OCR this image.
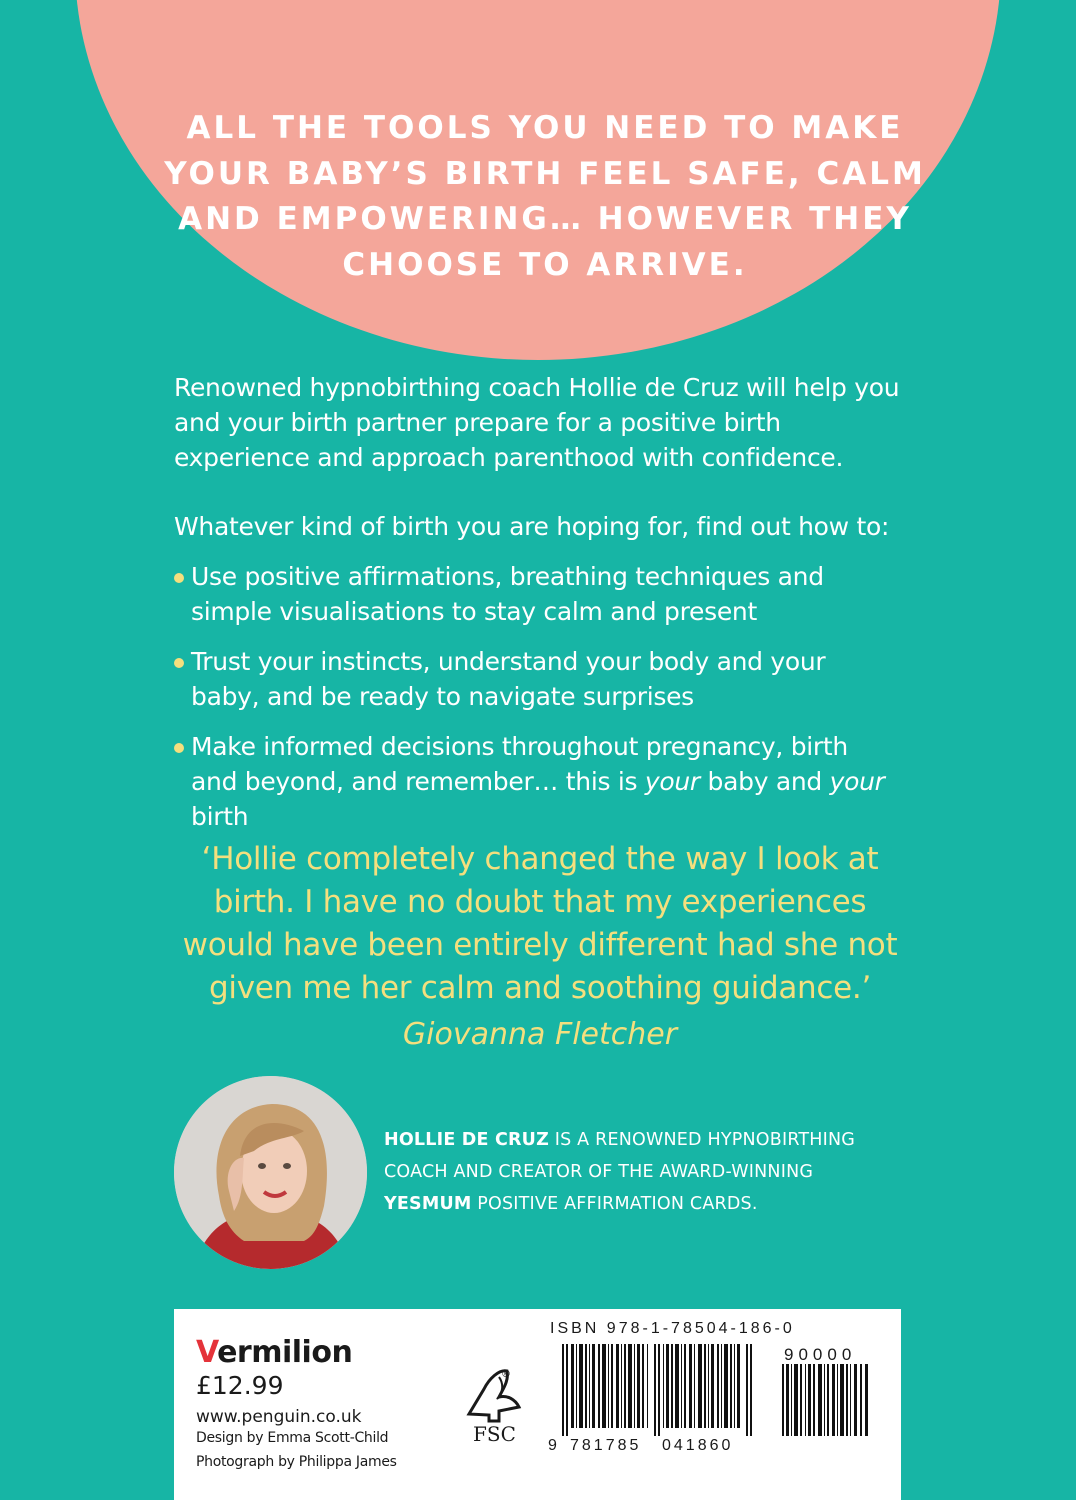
ALL THE TOOLS YOU NEED TO MAKE YOUR BABY’S BIRTH FEEL SAFE, CALM AND EMPOWERING… HOWEVER THEY CHOOSE TO ARRIVE.

Renowned hypnobirthing coach Hollie de Cruz will help you and your birth partner prepare for a positive birth experience and approach parenthood with confidence.

Whatever kind of birth you are hoping for, find out how to:

Use positive affirmations, breathing techniques and simple visualisations to stay calm and present
Trust your instincts, understand your body and your baby, and be ready to navigate surprises
Make informed decisions throughout pregnancy, birth and beyond, and remember… this is your baby and your birth

‘Hollie completely changed the way I look at birth. I have no doubt that my experiences would have been entirely different had she not given me her calm and soothing guidance.’

Giovanna Fletcher

HOLLIE DE CRUZ IS A RENOWNED HYPNOBIRTHING COACH AND CREATOR OF THE AWARD-WINNING YESMUM POSITIVE AFFIRMATION CARDS.

Vermilion
£12.99
www.penguin.co.uk
Design by Emma Scott-Child
Photograph by Philippa James
®
FSC
ISBN 978-1-78504-186-0
90000
9 781785 041860
